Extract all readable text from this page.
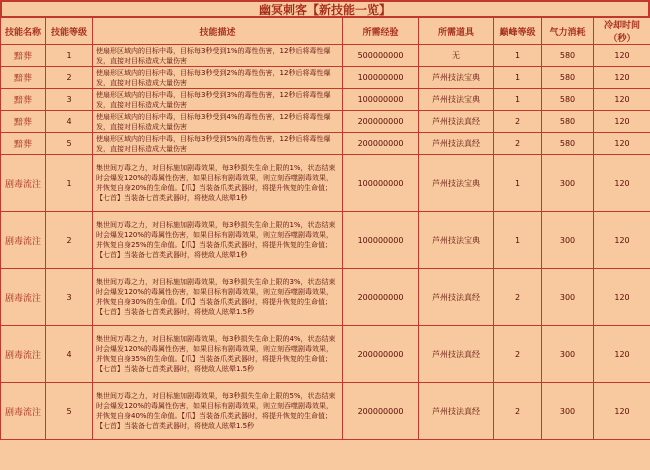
幽冥刺客【新技能一览】
技能名称	技能等级	技能描述	所需经验	所需道具	巅峰等级	气力消耗	冷却时间（秒）
黯葬	1	使扇形区域内的目标中毒，目标每3秒受到1%的毒性伤害，12秒后将毒性爆发，直接对目标造成大量伤害	500000000	无	1	580	120
黯葬	2	使扇形区域内的目标中毒，目标每3秒受到2%的毒性伤害，12秒后将毒性爆发，直接对目标造成大量伤害	100000000	芦州技法宝典	1	580	120
黯葬	3	使扇形区域内的目标中毒，目标每3秒受到3%的毒性伤害，12秒后将毒性爆发，直接对目标造成大量伤害	100000000	芦州技法宝典	1	580	120
黯葬	4	使扇形区域内的目标中毒，目标每3秒受到4%的毒性伤害，12秒后将毒性爆发，直接对目标造成大量伤害	200000000	芦州技法真经	2	580	120
黯葬	5	使扇形区域内的目标中毒，目标每3秒受到5%的毒性伤害，12秒后将毒性爆发，直接对目标造成大量伤害	200000000	芦州技法真经	2	580	120
剧毒流注	1	集世间万毒之力，对目标施加剧毒效果，每3秒损失生命上限的1%，状态结束时会爆发120%的毒属性伤害，如果目标有剧毒效果，则立刻吞噬剧毒效果，并恢复自身20%的生命值。【爪】当装备爪类武器时，将提升恢复的生命值；【七首】当装备七首类武器时，将使敌人眩晕1秒	100000000	芦州技法宝典	1	300	120
剧毒流注	2	集世间万毒之力，对目标施加剧毒效果，每3秒损失生命上限的1%，状态结束时会爆发120%的毒属性伤害，如果目标有剧毒效果，则立刻吞噬剧毒效果，并恢复自身25%的生命值。【爪】当装备爪类武器时，将提升恢复的生命值；【七首】当装备七首类武器时，将使敌人眩晕1秒	100000000	芦州技法宝典	1	300	120
剧毒流注	3	集世间万毒之力，对目标施加剧毒效果，每3秒损失生命上限的3%，状态结束时会爆发120%的毒属性伤害，如果目标有剧毒效果，则立刻吞噬剧毒效果，并恢复自身30%的生命值。【爪】当装备爪类武器时，将提升恢复的生命值；【七首】当装备七首类武器时，将使敌人眩晕1.5秒	200000000	芦州技法真经	2	300	120
剧毒流注	4	集世间万毒之力，对目标施加剧毒效果，每3秒损失生命上限的4%，状态结束时会爆发120%的毒属性伤害，如果目标有剧毒效果，则立刻吞噬剧毒效果，并恢复自身35%的生命值。【爪】当装备爪类武器时，将提升恢复的生命值；【七首】当装备七首类武器时，将使敌人眩晕1.5秒	200000000	芦州技法真经	2	300	120
剧毒流注	5	集世间万毒之力，对目标施加剧毒效果，每3秒损失生命上限的5%，状态结束时会爆发120%的毒属性伤害，如果目标有剧毒效果，则立刻吞噬剧毒效果，并恢复自身40%的生命值。【爪】当装备爪类武器时，将提升恢复的生命值；【七首】当装备七首类武器时，将使敌人眩晕1.5秒	200000000	芦州技法真经	2	300	120
